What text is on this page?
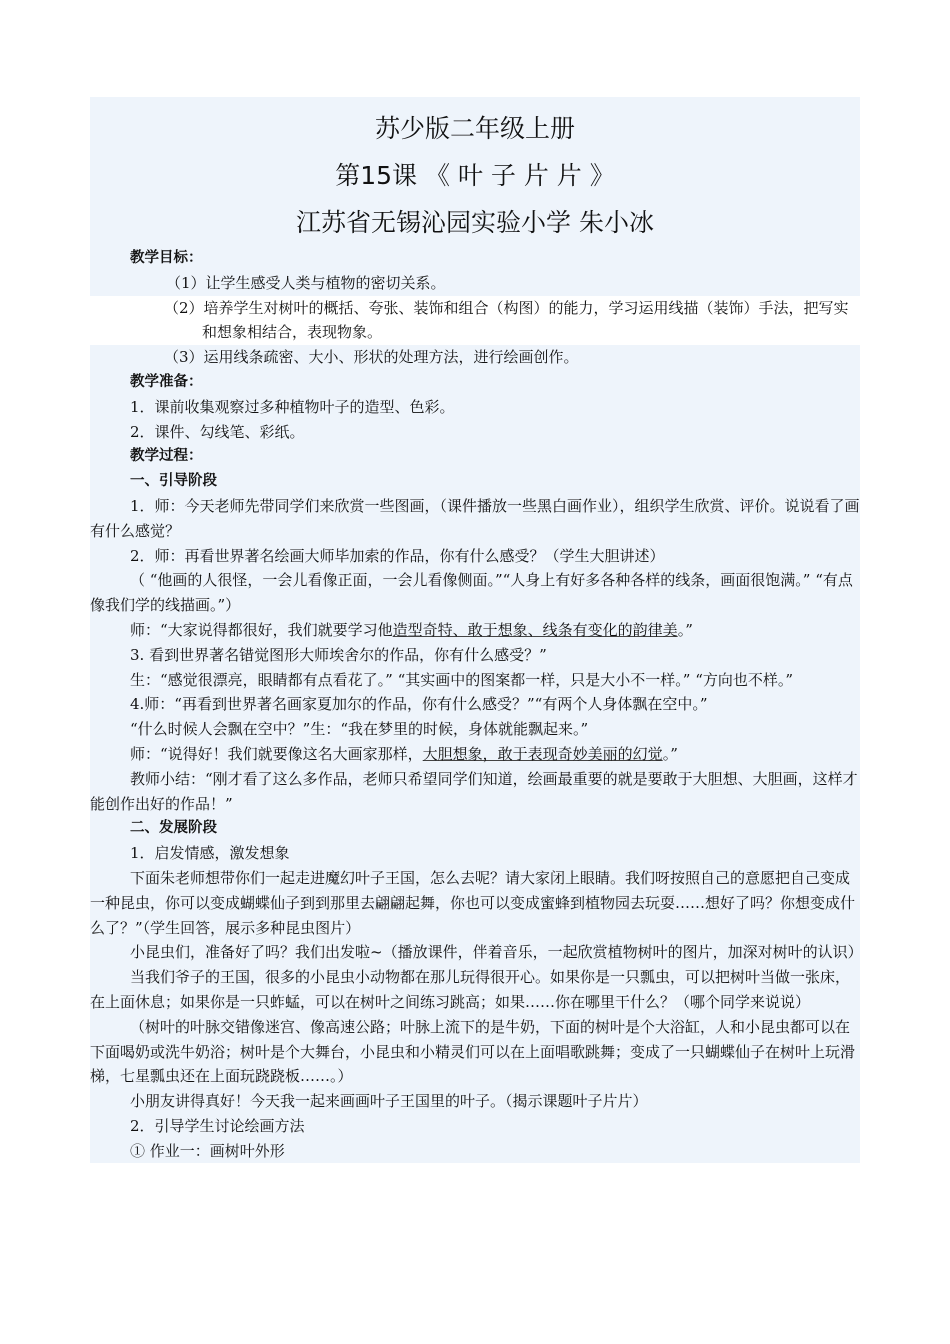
苏少版二年级上册
第15课 《 叶 子 片 片 》
江苏省无锡沁园实验小学 朱小冰

教学目标：

（1）让学生感受人类与植物的密切关系。

（2）培养学生对树叶的概括、夸张、装饰和组合（构图）的能力，学习运用线描（装饰）手法，把写实和想象相结合，表现物象。

（3）运用线条疏密、大小、形状的处理方法，进行绘画创作。

教学准备：

1．课前收集观察过多种植物叶子的造型、色彩。

2．课件、勾线笔、彩纸。

教学过程：

一、引导阶段

1．师：今天老师先带同学们来欣赏一些图画，（课件播放一些黑白画作业），组织学生欣赏、评价。说说看了画有什么感觉？

2．师：再看世界著名绘画大师毕加索的作品，你有什么感受？（学生大胆讲述）

（ “他画的人很怪，一会儿看像正面，一会儿看像侧面。”“人身上有好多各种各样的线条，画面很饱满。” “有点像我们学的线描画。”）

师：“大家说得都很好，我们就要学习他造型奇特、敢于想象、线条有变化的韵律美。”

3. 看到世界著名错觉图形大师埃舍尔的作品，你有什么感受？”

生：“感觉很漂亮，眼睛都有点看花了。” “其实画中的图案都一样，只是大小不一样。” “方向也不样。”

4.师：“再看到世界著名画家夏加尔的作品，你有什么感受？”“有两个人身体飘在空中。”

“什么时候人会飘在空中？”生：“我在梦里的时候，身体就能飘起来。”

师：“说得好！我们就要像这名大画家那样，大胆想象，敢于表现奇妙美丽的幻觉。”

教师小结：“刚才看了这么多作品，老师只希望同学们知道，绘画最重要的就是要敢于大胆想、大胆画，这样才能创作出好的作品！”

二、发展阶段

1．启发情感，激发想象

下面朱老师想带你们一起走进魔幻叶子王国，怎么去呢？请大家闭上眼睛。我们呀按照自己的意愿把自己变成一种昆虫，你可以变成蝴蝶仙子到到那里去翩翩起舞，你也可以变成蜜蜂到植物园去玩耍……想好了吗？你想变成什么了？”（学生回答，展示多种昆虫图片）

小昆虫们，准备好了吗？我们出发啦~（播放课件，伴着音乐，一起欣赏植物树叶的图片，加深对树叶的认识）

当我们爷子的王国，很多的小昆虫小动物都在那儿玩得很开心。如果你是一只瓢虫，可以把树叶当做一张床，在上面休息；如果你是一只蚱蜢，可以在树叶之间练习跳高；如果……你在哪里干什么？（哪个同学来说说）

（树叶的叶脉交错像迷宫、像高速公路；叶脉上流下的是牛奶，下面的树叶是个大浴缸，人和小昆虫都可以在下面喝奶或洗牛奶浴；树叶是个大舞台，小昆虫和小精灵们可以在上面唱歌跳舞；变成了一只蝴蝶仙子在树叶上玩滑梯，七星瓢虫还在上面玩跷跷板……。）

小朋友讲得真好！今天我一起来画画叶子王国里的叶子。（揭示课题叶子片片）

2．引导学生讨论绘画方法

① 作业一：画树叶外形
